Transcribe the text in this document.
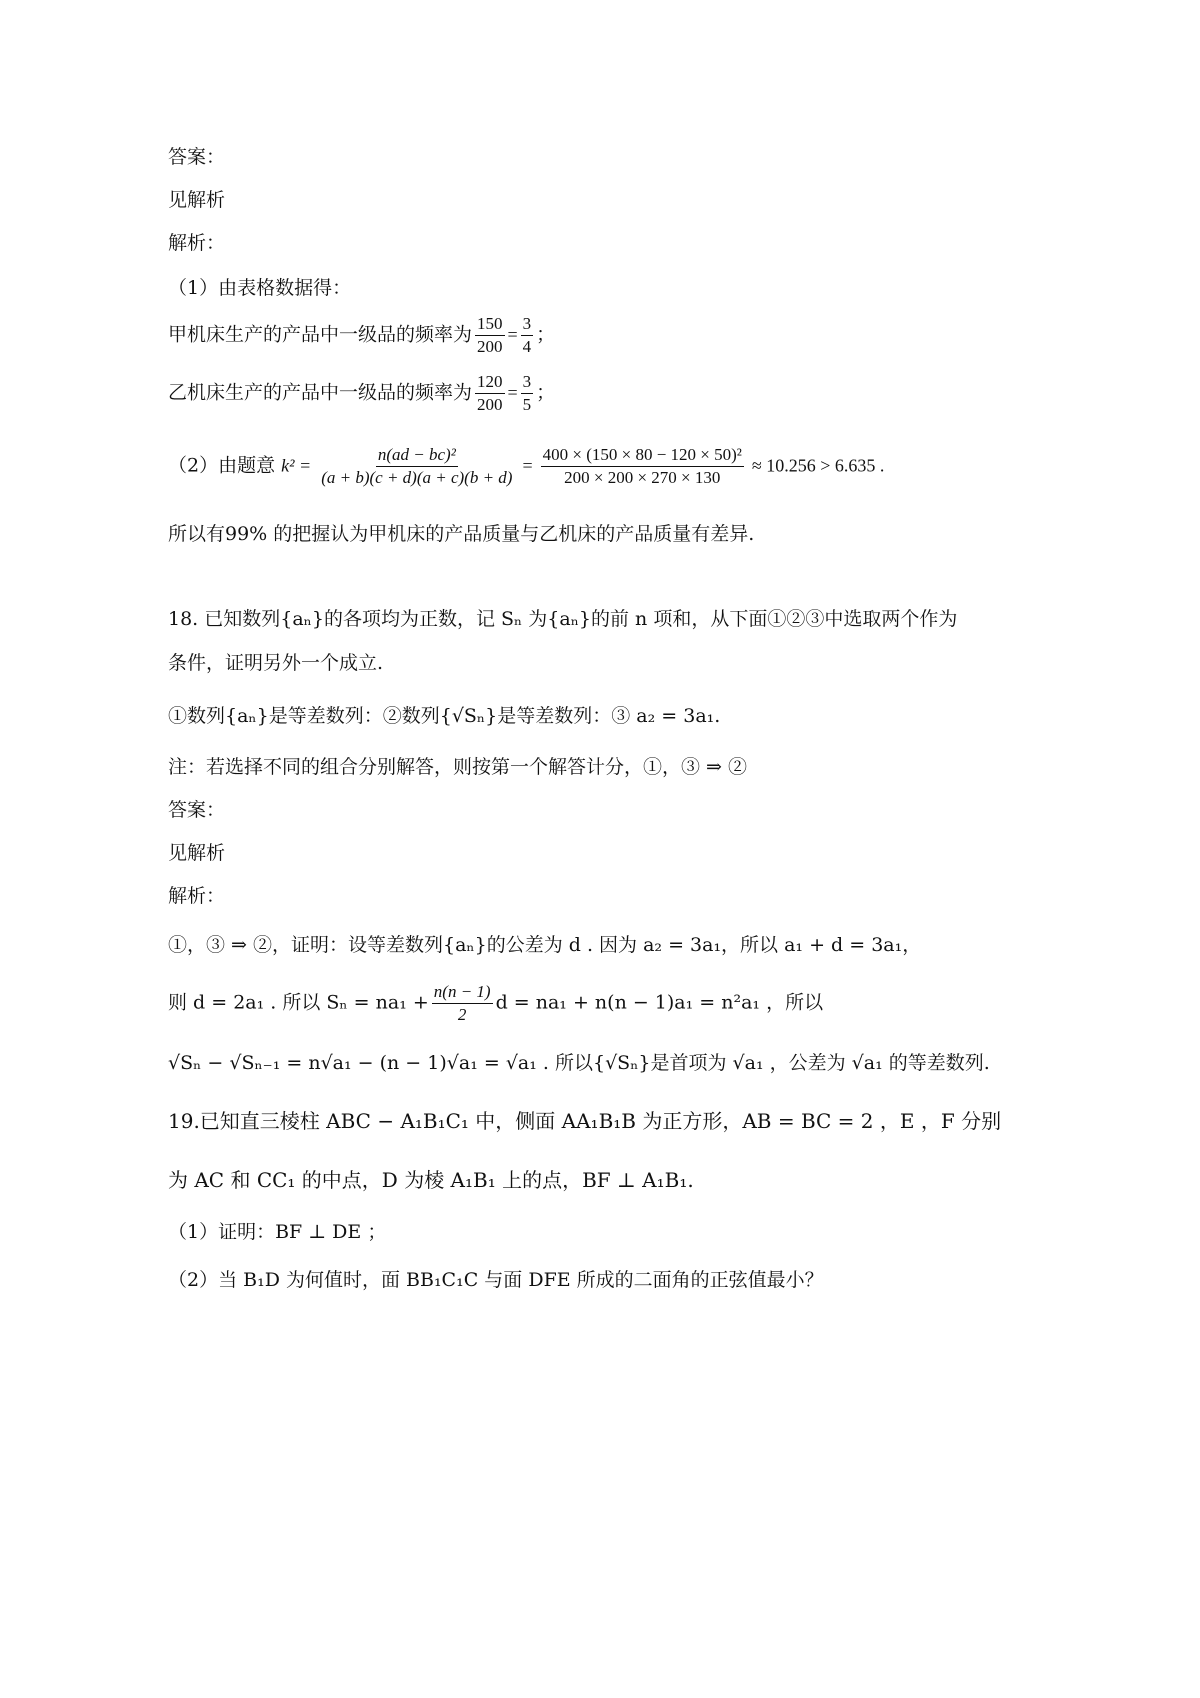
答案：
见解析
解析：
（1）由表格数据得：
甲机床生产的产品中一级品的频率为 $\frac{150}{200} = \frac{3}{4}$ ；
乙机床生产的产品中一级品的频率为 $\frac{120}{200} = \frac{3}{5}$ ；
（2）由题意 $k^2 = \frac{\text{n(ad − bc)²}}{(a + b)(c + d)(a + c)(b + d)} = \frac{\text{400 × (150 × 80 − 120 × 50)²}}{200 \times 200 \times 270 \times 130} \approx 10.256 > 6.635$ .
所以有99% 的把握认为甲机床的产品质量与乙机床的产品质量有差异.
18. 已知数列{aₙ}的各项均为正数，记 Sₙ 为{aₙ}的前 n 项和，从下面①②③中选取两个作为
条件，证明另外一个成立.
①数列{aₙ}是等差数列：②数列{√Sₙ}是等差数列：③ a₂ = 3a₁.
注：若选择不同的组合分别解答，则按第一个解答计分，①，③ ⇒ ②
答案：
见解析
解析：
①，③ ⇒ ②，证明：设等差数列{aₙ}的公差为 d . 因为 a₂ = 3a₁，所以 a₁ + d = 3a₁，
则 d = 2a₁ . 所以 $S_n = na_1 + \frac{n(n - 1)}{2}$ d = na₁ + n(n − 1)a₁ = n²a₁ ，所以
√Sₙ − √Sₙ₋₁ = n√a₁ − (n − 1)√a₁ = √a₁ . 所以{√Sₙ}是首项为 √a₁ ，公差为 √a₁ 的等差数列.
19.已知直三棱柱 ABC − A₁B₁C₁ 中，侧面 AA₁B₁B 为正方形，AB = BC = 2 ，E ，F 分别
为 AC 和 CC₁ 的中点，D 为棱 A₁B₁ 上的点，BF ⊥ A₁B₁.
（1）证明：BF ⊥ DE ；
（2）当 B₁D 为何值时，面 BB₁C₁C 与面 DFE 所成的二面角的正弦值最小？
